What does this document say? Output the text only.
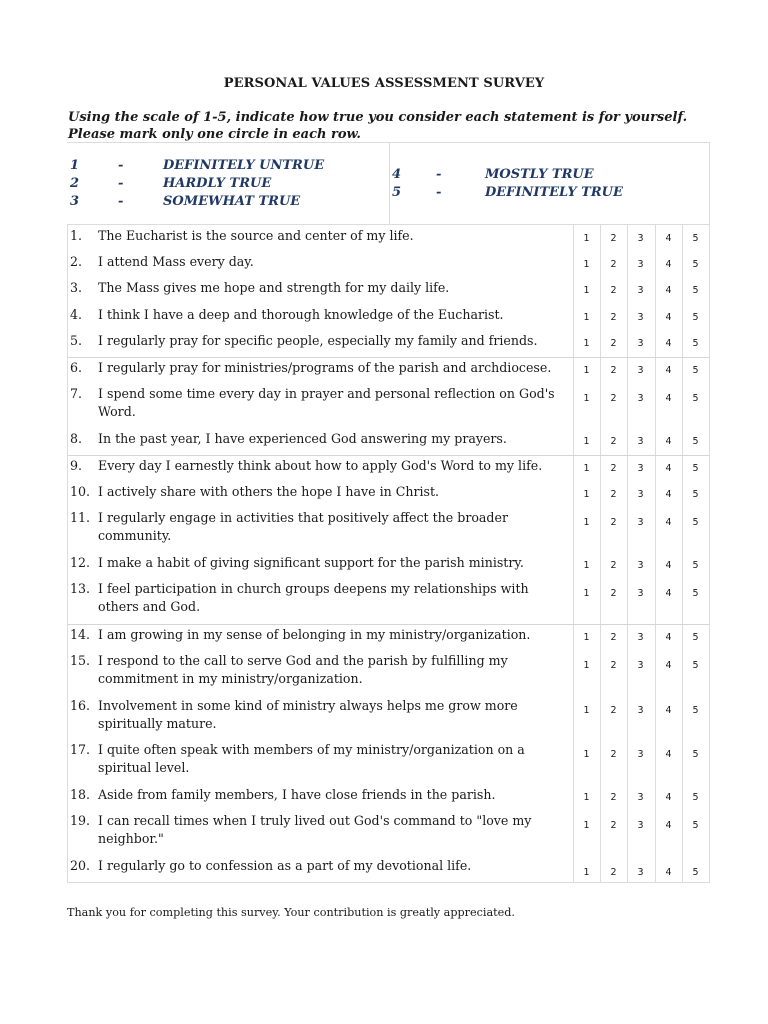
PERSONAL VALUES ASSESSMENT SURVEY
Using the scale of 1-5, indicate how true you consider each statement is for yourself.
Please mark only one circle in each row.
1	-	DEFINITELY UNTRUE
2	-	HARDLY TRUE
3	-	SOMEWHAT TRUE
4	-	MOSTLY TRUE
5	-	DEFINITELY TRUE
1.	The Eucharist is the source and center of my life.	1	2	3	4	5
2.	I attend Mass every day.	1	2	3	4	5
3.	The Mass gives me hope and strength for my daily life.	1	2	3	4	5
4.	I think I have a deep and thorough knowledge of the Eucharist.	1	2	3	4	5
5.	I regularly pray for specific people, especially my family and friends.	1	2	3	4	5
6.	I regularly pray for ministries/programs of the parish and archdiocese.	1	2	3	4	5
7.	I spend some time every day in prayer and personal reflection on God's Word.
1	2	3	4	5
8.	In the past year, I have experienced God answering my prayers.	1	2	3	4	5
9.	Every day I earnestly think about how to apply God's Word to my life.	1	2	3	4	5
10. I actively share with others the hope I have in Christ.	1	2	3	4	5
11. I regularly engage in activities that positively affect the broader community.
1	2	3	4	5
12. I make a habit of giving significant support for the parish ministry.	1	2	3	4	5
13. I feel participation in church groups deepens my relationships with others and God.
1	2	3	4	5
14. I am growing in my sense of belonging in my ministry/organization.	1	2	3	4	5
15. I respond to the call to serve God and the parish by fulfilling my commitment in my ministry/organization.
1	2	3	4	5
16. Involvement in some kind of ministry always helps me grow more spiritually mature.
1	2	3	4	5
17. I quite often speak with members of my ministry/organization on a spiritual level.
1	2	3	4	5
18. Aside from family members, I have close friends in the parish.	1	2	3	4	5
19. I can recall times when I truly lived out God's command to "love my neighbor."
1	2	3	4	5
20. I regularly go to confession as a part of my devotional life.	1	2	3	4	5
Thank you for completing this survey. Your contribution is greatly appreciated.
